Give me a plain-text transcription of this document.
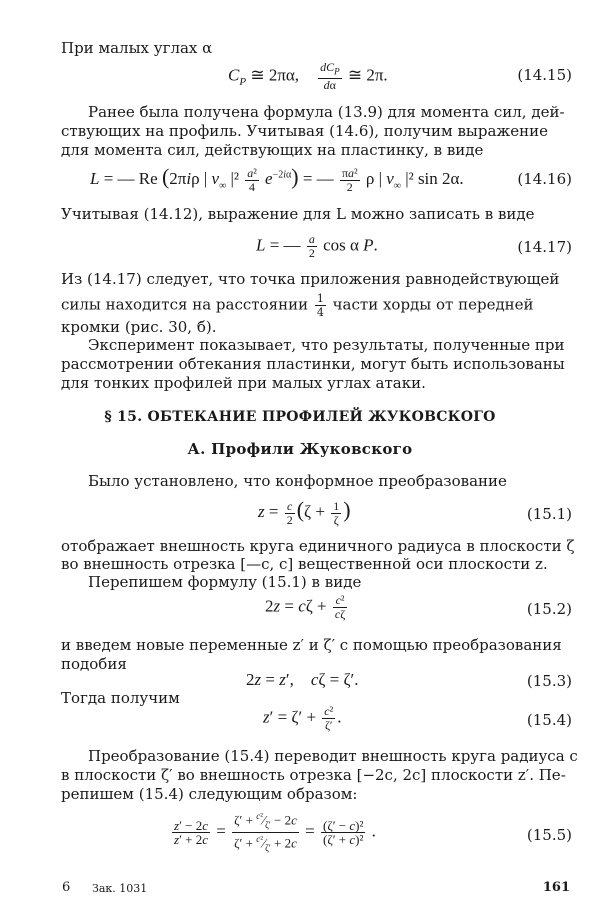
При малых углах α
$C_P$ ≅ 2πα, $\frac{dC_P}{d\alpha}$ ≅ 2π.	(14.15)
Ранее была получена формула (13.9) для момента сил, дей-
ствующих на профиль. Учитывая (14.6), получим выражение
для момента сил, действующих на пластинку, в виде
L = — Re (2πiρ | $v_\infty$ $|^2 \frac{\text{a²}}{4} e^{-2i\alpha}$) = — $\frac{\text{πa²}}{2}$ ρ | $v_\infty$ |² sin 2α.	(14.16)
Учитывая (14.12), выражение для L можно записать в виде
L = — $\frac{a}{2}$ cos α P.	(14.17)
Из (14.17) следует, что точка приложения равнодействующей
силы находится на расстоянии $\frac{1}{4}$ части хорды от передней
кромки (рис. 30, б).
Эксперимент показывает, что результаты, полученные при
рассмотрении обтекания пластинки, могут быть использованы
для тонких профилей при малых углах атаки.
§ 15. ОБТЕКАНИЕ ПРОФИЛЕЙ ЖУКОВСКОГО
А. Профили Жуковского
Было установлено, что конформное преобразование
$z = \frac{c}{2} (\zeta + \frac{1}{\zeta}$ )	(15.1)
отображает внешность круга единичного радиуса в плоскости ζ
во внешность отрезка [—c, c] вещественной оси плоскости z.
Перепишем формулу (15.1) в виде
$2z = c\zeta + \frac{\text{c²}}{c\zeta}$	(15.2)
и введем новые переменные z′ и ζ′ с помощью преобразования
подобия
2z = z′,    cζ = ζ′.	(15.3)
Тогда получим
$z' = \zeta' + \frac{\text{c²}}{\zeta'}$ .	(15.4)
Преобразование (15.4) переводит внешность круга радиуса c
в плоскости ζ′ во внешность отрезка [−2c, 2c] плоскости z′. Пе-
репишем (15.4) следующим образом:
$\frac{z' - 2c}{z' + 2c} = \frac{\zeta' + ^{c^2}⁄_{\zeta'} - 2c}{\zeta' + ^{c^2}⁄_{\zeta'} + 2c} = \frac{\text{(ζ′ − c)²}}{\text{(ζ′ + c)²}}$ .	(15.5)
6 Зак. 1031	161
